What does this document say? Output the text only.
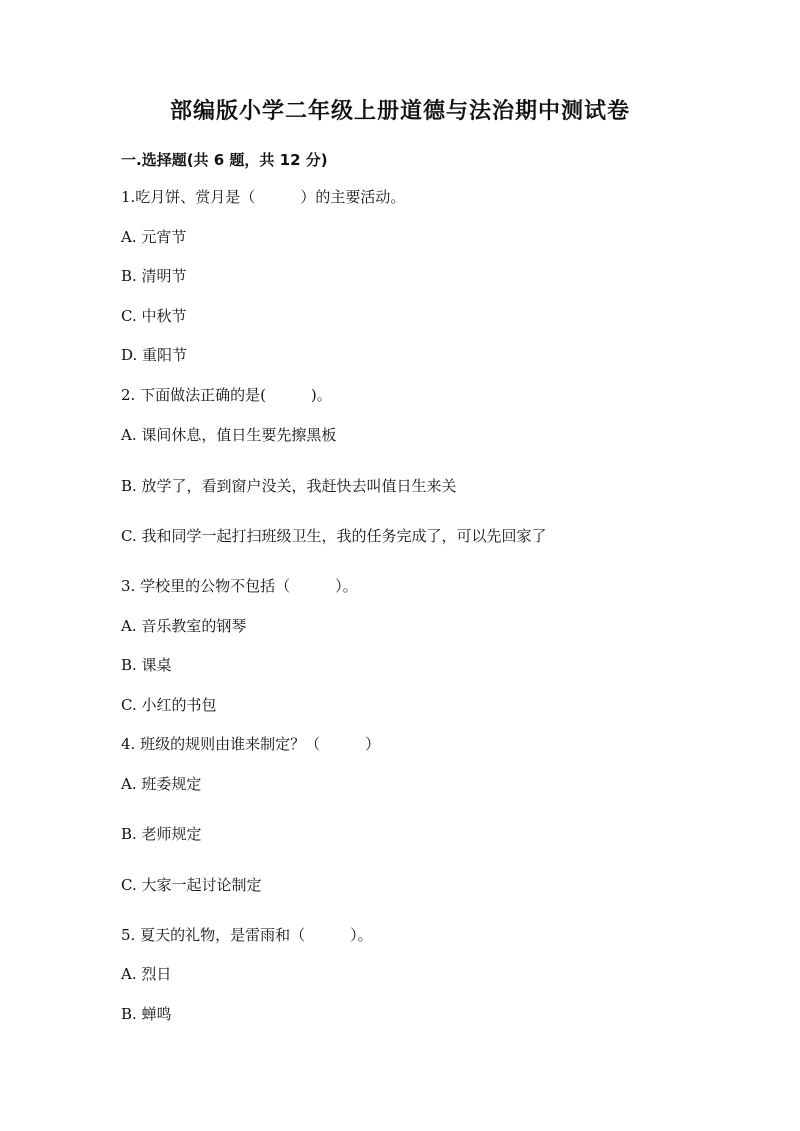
部编版小学二年级上册道德与法治期中测试卷
一.选择题(共 6 题，共 12 分)
1.吃月饼、赏月是（　　　）的主要活动。
A. 元宵节
B. 清明节
C. 中秋节
D. 重阳节
2. 下面做法正确的是(　　　)。
A. 课间休息，值日生要先擦黑板
B. 放学了，看到窗户没关，我赶快去叫值日生来关
C. 我和同学一起打扫班级卫生，我的任务完成了，可以先回家了
3. 学校里的公物不包括（　　　）。
A. 音乐教室的钢琴
B. 课桌
C. 小红的书包
4. 班级的规则由谁来制定？（　　　）
A. 班委规定
B. 老师规定
C. 大家一起讨论制定
5. 夏天的礼物，是雷雨和（　　　）。
A. 烈日
B. 蝉鸣
